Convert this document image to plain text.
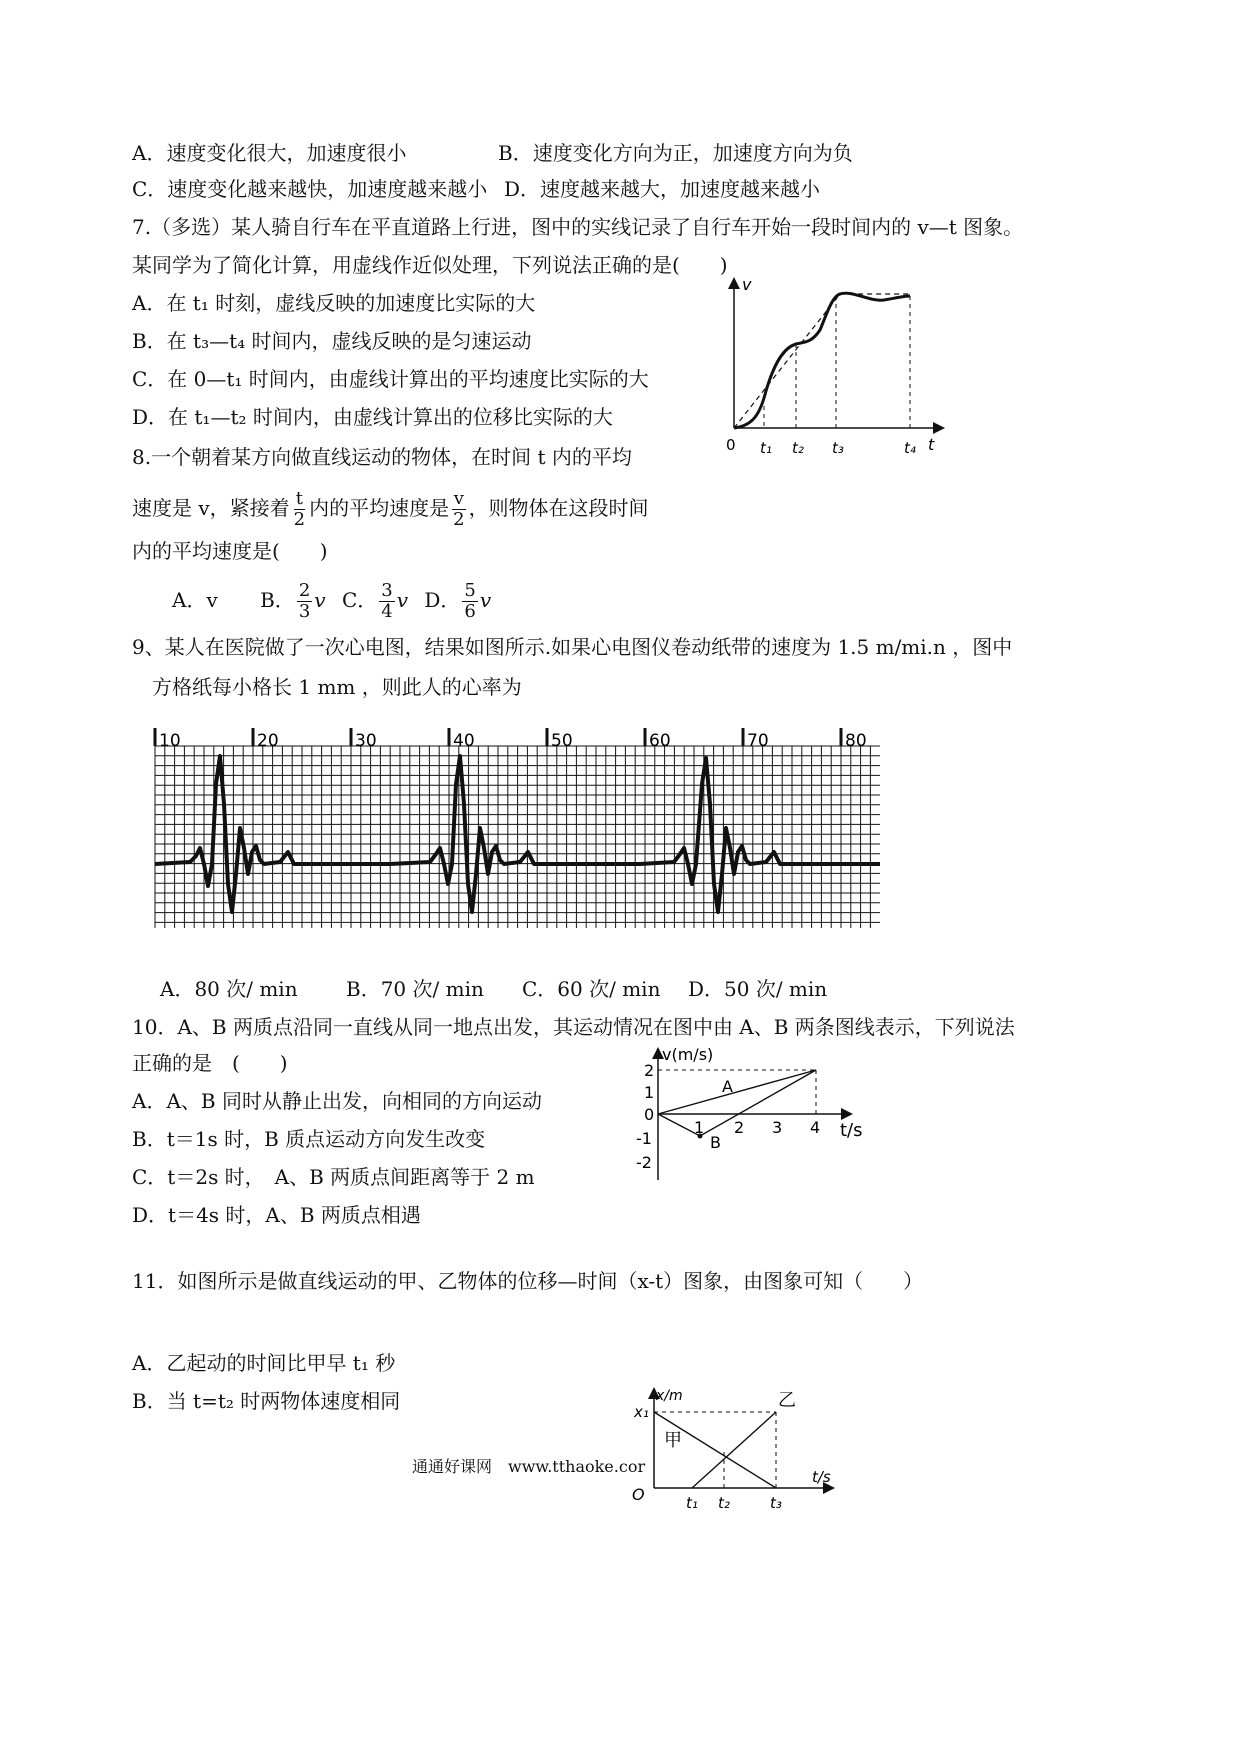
A．速度变化很大，加速度很小	B．速度变化方向为正，加速度方向为负
C．速度变化越来越快，加速度越来越小 D．速度越来越大，加速度越来越小
7.（多选）某人骑自行车在平直道路上行进，图中的实线记录了自行车开始一段时间内的 v—t 图象。
某同学为了简化计算，用虚线作近似处理，下列说法正确的是(　　)
A．在 t₁ 时刻，虚线反映的加速度比实际的大
B．在 t₃—t₄ 时间内，虚线反映的是匀速运动
C．在 0—t₁ 时间内，由虚线计算出的平均速度比实际的大
D．在 t₁—t₂ 时间内，由虚线计算出的位移比实际的大
v
t
0 t₁ t₂ t₃	t₄
8.一个朝着某方向做直线运动的物体，在时间 t 内的平均
速度是 v，紧接着 $\frac{t}{2}$ 内的平均速度是 $\frac{v}{2}$ ，则物体在这段时间
内的平均速度是(　　)
A．v B． $\frac{2}{3}$ v C． $\frac{3}{4}$ v D． $\frac{5}{6}$ v
9、某人在医院做了一次心电图，结果如图所示.如果心电图仪卷动纸带的速度为 1.5 m/mi.n ，图中
方格纸每小格长 1 mm ，则此人的心率为
10	20	30	40	50	60	70	80
A．80 次/ min B．70 次/ min C．60 次/ min D．50 次/ min
10．A、B 两质点沿同一直线从同一地点出发，其运动情况在图中由 A、B 两条图线表示，下列说法
正确的是　(　　)
A．A、B 同时从静止出发，向相同的方向运动
B．t＝1s 时，B 质点运动方向发生改变
C．t＝2s 时，　A、B 两质点间距离等于 2 m
D．t＝4s 时，A、B 两质点相遇
v(m/s)
t/s
2
1
0
-1
-2
1 2 3 4
A
B
11．如图所示是做直线运动的甲、乙物体的位移—时间（x-t）图象，由图象可知（　　）
A．乙起动的时间比甲早 t₁ 秒
B．当 t=t₂ 时两物体速度相同	x/m
t/s
x₁
O	t₁ t₂	t₃
甲
乙
通通好课网　www.tthaoke.cor
